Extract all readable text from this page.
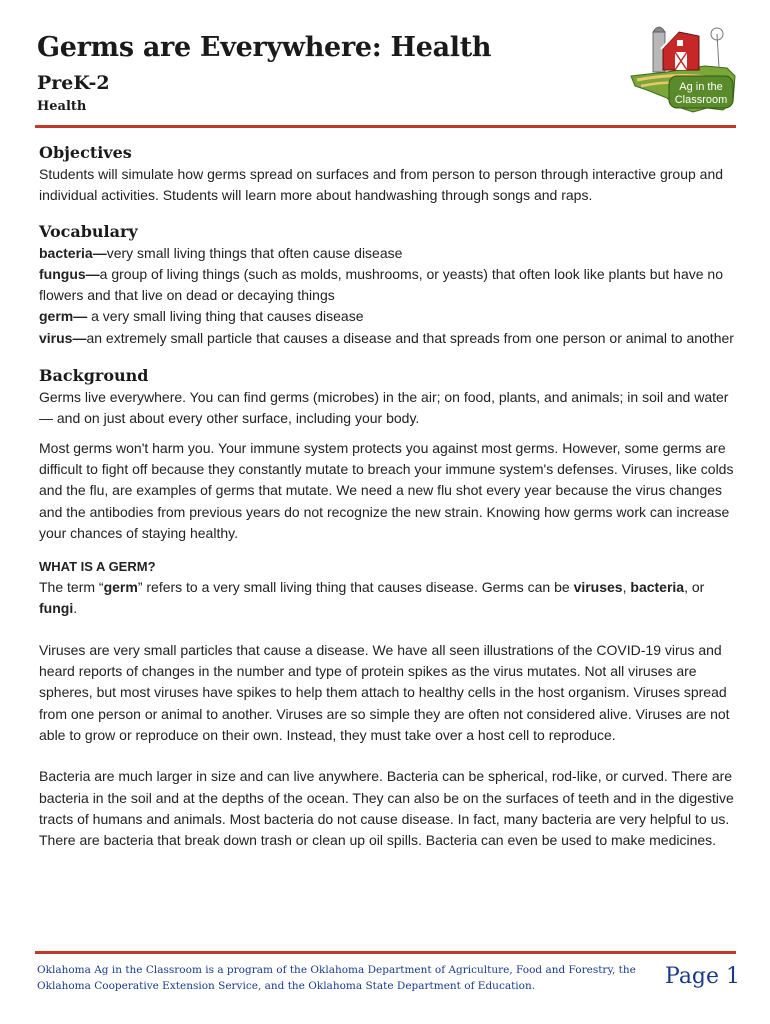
Germs are Everywhere: Health
PreK-2
Health
Ag in the
Classroom
Objectives

Students will simulate how germs spread on surfaces and from person to person through interactive group and individual activities. Students will learn more about handwashing through songs and raps.

Vocabulary

bacteria—very small living things that often cause disease

fungus—a group of living things (such as molds, mushrooms, or yeasts) that often look like plants but have no flowers and that live on dead or decaying things

germ— a very small living thing that causes disease

virus—an extremely small particle that causes a disease and that spreads from one person or animal to another

Background

Germs live everywhere. You can find germs (microbes) in the air; on food, plants, and animals; in soil and water — and on just about every other surface, including your body.

Most germs won't harm you. Your immune system protects you against most germs. However, some germs are difficult to fight off because they constantly mutate to breach your immune system's defenses. Viruses, like colds and the flu, are examples of germs that mutate. We need a new flu shot every year because the virus changes and the antibodies from previous years do not recognize the new strain. Knowing how germs work can increase your chances of staying healthy.

WHAT IS A GERM?

The term “germ” refers to a very small living thing that causes disease. Germs can be viruses, bacteria, or fungi.

Viruses are very small particles that cause a disease. We have all seen illustrations of the COVID-19 virus and heard reports of changes in the number and type of protein spikes as the virus mutates. Not all viruses are spheres, but most viruses have spikes to help them attach to healthy cells in the host organism. Viruses spread from one person or animal to another. Viruses are so simple they are often not considered alive. Viruses are not able to grow or reproduce on their own. Instead, they must take over a host cell to reproduce.

Bacteria are much larger in size and can live anywhere. Bacteria can be spherical, rod-like, or curved. There are bacteria in the soil and at the depths of the ocean. They can also be on the surfaces of teeth and in the digestive tracts of humans and animals. Most bacteria do not cause disease. In fact, many bacteria are very helpful to us. There are bacteria that break down trash or clean up oil spills. Bacteria can even be used to make medicines.

Oklahoma Ag in the Classroom is a program of the Oklahoma Department of Agriculture, Food and Forestry, the
Oklahoma Cooperative Extension Service, and the Oklahoma State Department of Education.	Page 1
